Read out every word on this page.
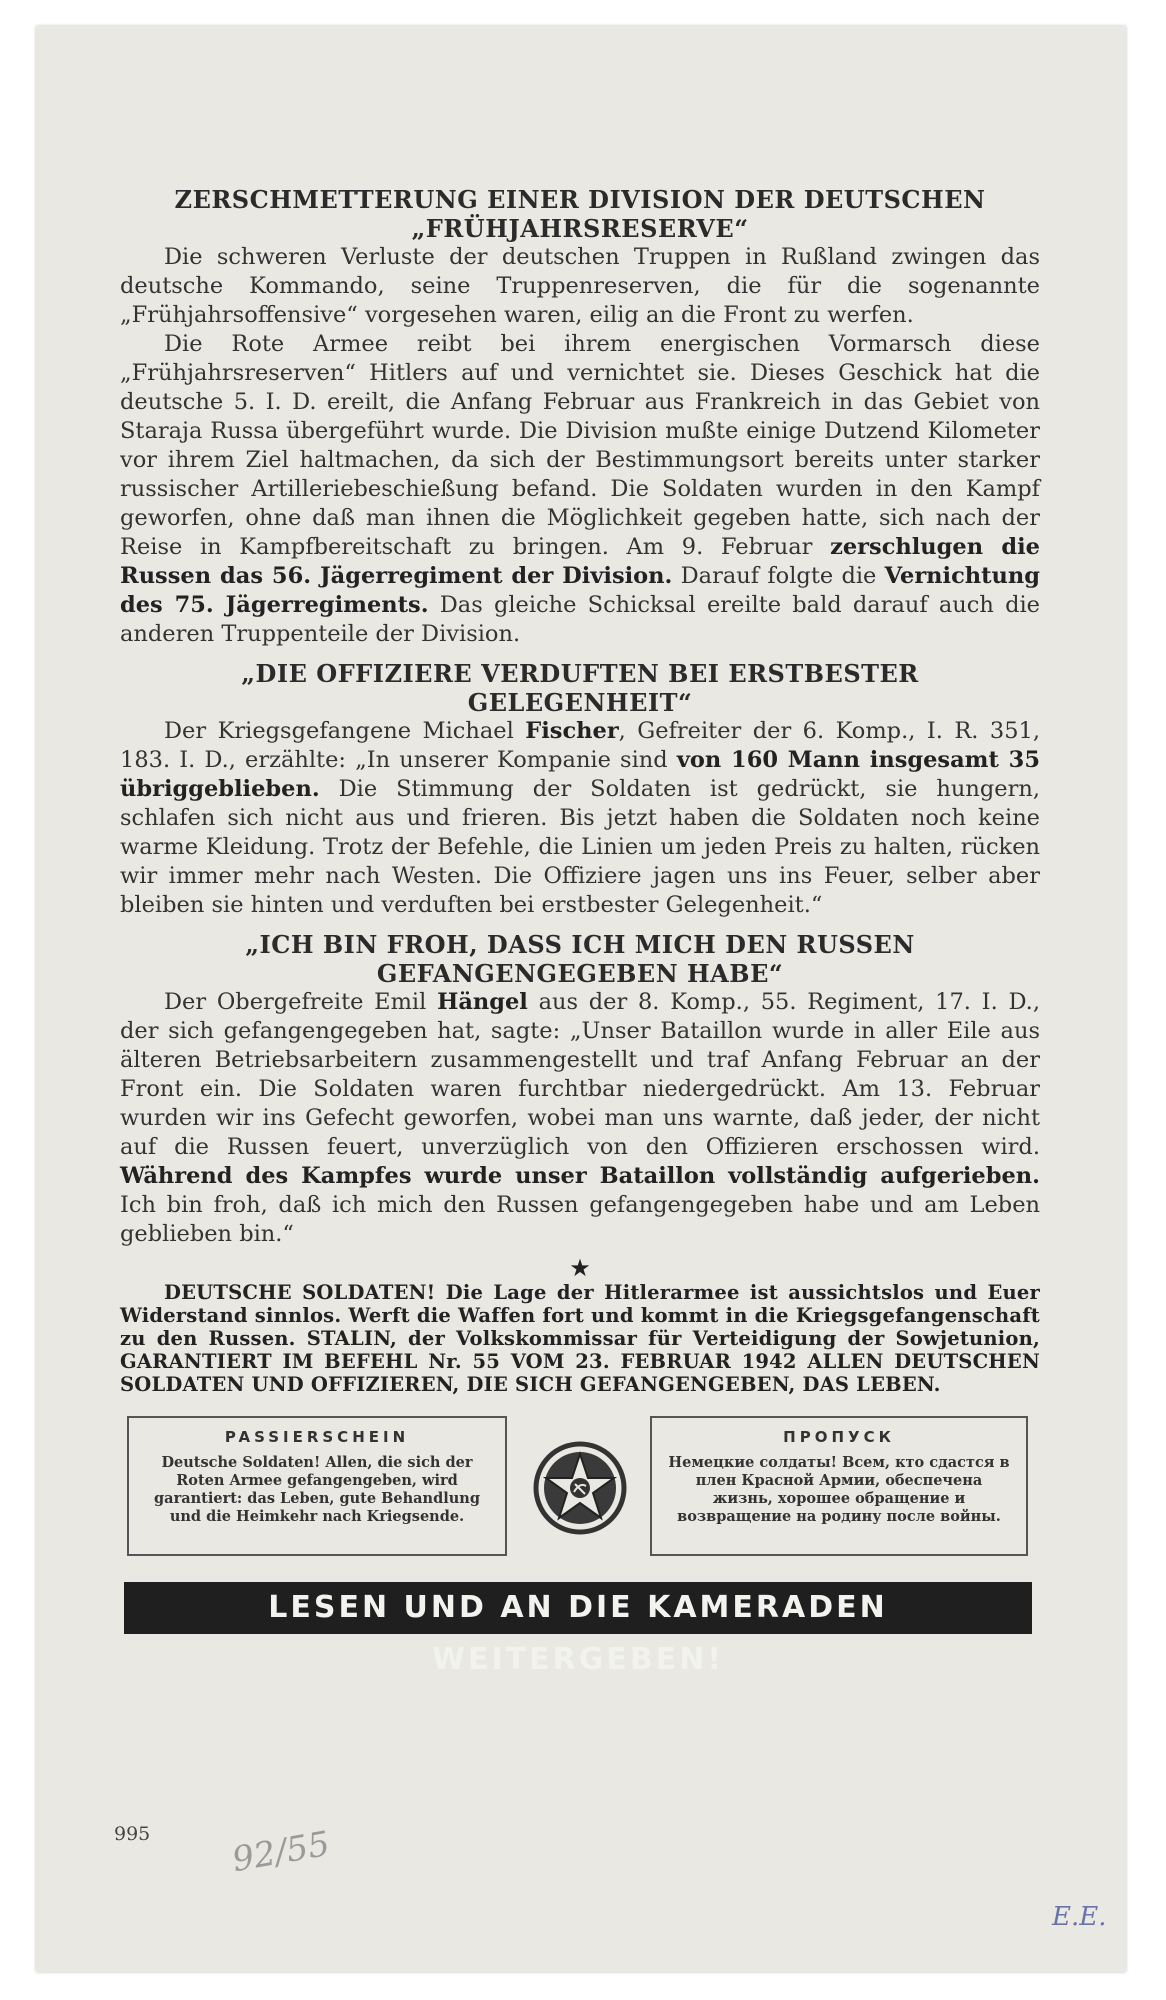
ZERSCHMETTERUNG EINER DIVISION DER DEUTSCHEN
„FRÜHJAHRSRESERVE“

Die schweren Verluste der deutschen Truppen in Rußland zwingen das deutsche Kommando, seine Truppenreserven, die für die sogenannte „Frühjahrsoffensive“ vorgesehen waren, eilig an die Front zu werfen.

Die Rote Armee reibt bei ihrem energischen Vormarsch diese „Frühjahrsreserven“ Hitlers auf und vernichtet sie. Dieses Geschick hat die deutsche 5. I. D. ereilt, die Anfang Februar aus Frankreich in das Gebiet von Staraja Russa übergeführt wurde. Die Division mußte einige Dutzend Kilometer vor ihrem Ziel haltmachen, da sich der Bestimmungsort bereits unter starker russischer Artilleriebeschießung befand. Die Soldaten wurden in den Kampf geworfen, ohne daß man ihnen die Möglichkeit gegeben hatte, sich nach der Reise in Kampfbereitschaft zu bringen. Am 9. Februar zerschlugen die Russen das 56. Jägerregiment der Division. Darauf folgte die Vernichtung des 75. Jägerregiments. Das gleiche Schicksal ereilte bald darauf auch die anderen Truppenteile der Division.

„DIE OFFIZIERE VERDUFTEN BEI ERSTBESTER
GELEGENHEIT“

Der Kriegsgefangene Michael Fischer, Gefreiter der 6. Komp., I. R. 351, 183. I. D., erzählte: „In unserer Kompanie sind von 160 Mann insgesamt 35 übriggeblieben. Die Stimmung der Soldaten ist gedrückt, sie hungern, schlafen sich nicht aus und frieren. Bis jetzt haben die Soldaten noch keine warme Kleidung. Trotz der Befehle, die Linien um jeden Preis zu halten, rücken wir immer mehr nach Westen. Die Offiziere jagen uns ins Feuer, selber aber bleiben sie hinten und verduften bei erstbester Gelegenheit.“

„ICH BIN FROH, DASS ICH MICH DEN RUSSEN
GEFANGENGEGEBEN HABE“

Der Obergefreite Emil Hängel aus der 8. Komp., 55. Regiment, 17. I. D., der sich gefangengegeben hat, sagte: „Unser Bataillon wurde in aller Eile aus älteren Betriebsarbeitern zusammengestellt und traf Anfang Februar an der Front ein. Die Soldaten waren furchtbar niedergedrückt. Am 13. Februar wurden wir ins Gefecht geworfen, wobei man uns warnte, daß jeder, der nicht auf die Russen feuert, unverzüglich von den Offizieren erschossen wird. Während des Kampfes wurde unser Bataillon vollständig aufgerieben. Ich bin froh, daß ich mich den Russen gefangengegeben habe und am Leben geblieben bin.“

★
DEUTSCHE SOLDATEN! Die Lage der Hitlerarmee ist aussichtslos und Euer Widerstand sinnlos. Werft die Waffen fort und kommt in die Kriegsgefangenschaft zu den Russen. STALIN, der Volkskommissar für Verteidigung der Sowjetunion, GARANTIERT IM BEFEHL Nr. 55 VOM 23. FEBRUAR 1942 ALLEN DEUTSCHEN SOLDATEN UND OFFIZIEREN, DIE SICH GEFANGENGEBEN, DAS LEBEN.
PASSIERSCHEIN
Deutsche Soldaten! Allen, die sich der Roten Armee gefangengeben, wird garantiert: das Leben, gute Behandlung und die Heimkehr nach Kriegsende.
ПРОПУСК
Немецкие солдаты! Всем, кто сдастся в плен Красной Армии, обеспечена жизнь, хорошее обращение и возвращение на родину после войны.
LESEN UND AN DIE KAMERADEN WEITERGEBEN!
995 92/55
E.E.
